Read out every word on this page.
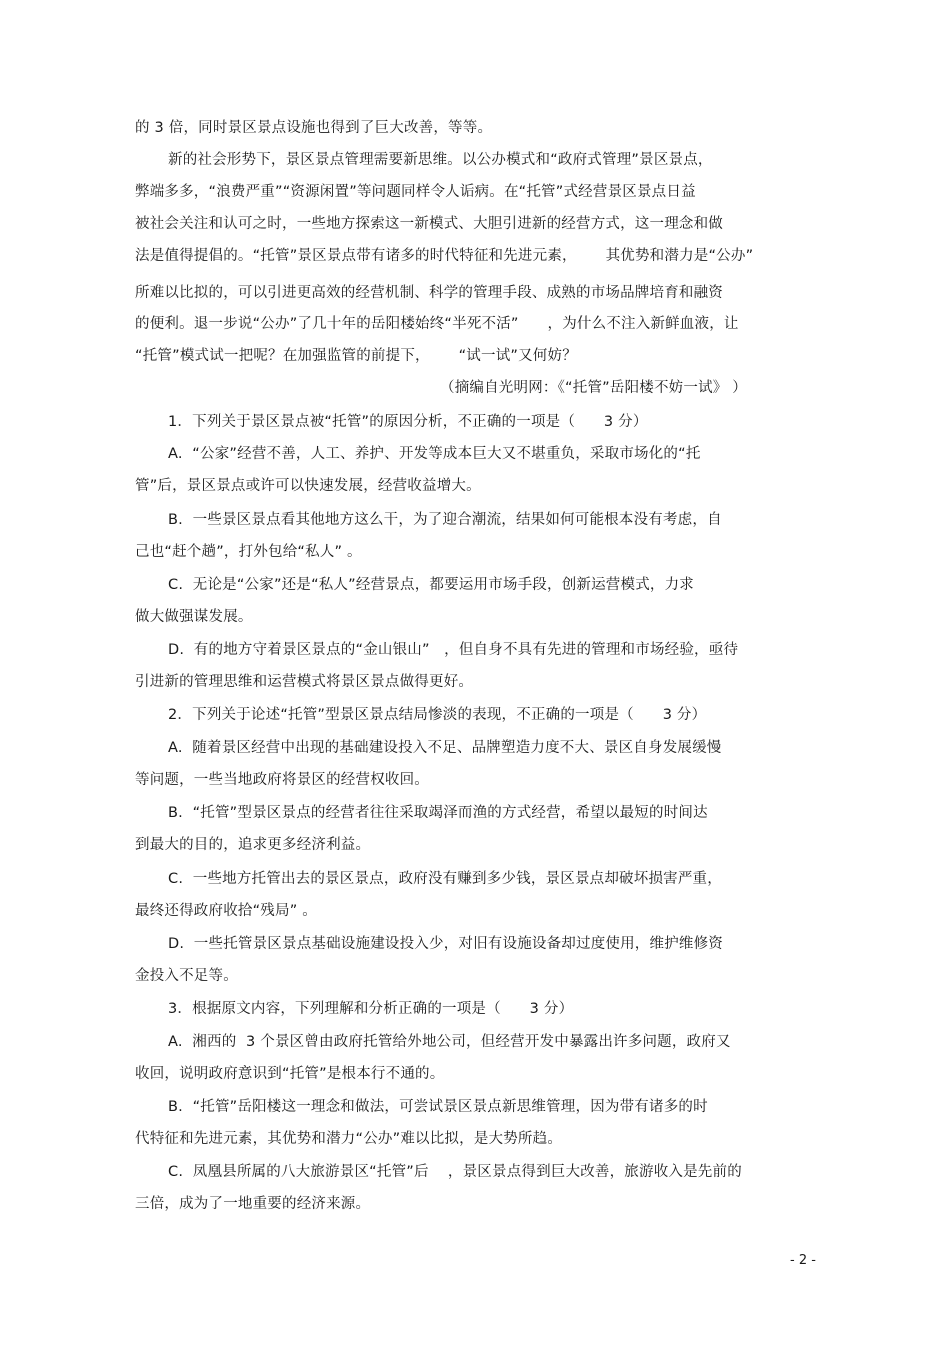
的 3 倍，同时景区景点设施也得到了巨大改善，等等。
新的社会形势下，景区景点管理需要新思维。以公办模式和“政府式管理”景区景点，
弊端多多，“浪费严重”“资源闲置”等问题同样令人诟病。在“托管”式经营景区景点日益
被社会关注和认可之时，一些地方探索这一新模式、大胆引进新的经营方式，这一理念和做
法是值得提倡的。“托管”景区景点带有诸多的时代特征和先进元素，      其优势和潜力是“公办”
所难以比拟的，可以引进更高效的经营机制、科学的管理手段、成熟的市场品牌培育和融资
的便利。退一步说“公办”了几十年的岳阳楼始终“半死不活”      ，为什么不注入新鲜血液，让
“托管”模式试一把呢？在加强监管的前提下，      “试一试”又何妨？
（摘编自光明网：《“托管”岳阳楼不妨一试》 ）
1．下列关于景区景点被“托管”的原因分析，不正确的一项是（      3 分）
A.  “公家”经营不善，人工、养护、开发等成本巨大又不堪重负，采取市场化的“托
管”后，景区景点或许可以快速发展，经营收益增大。
B.  一些景区景点看其他地方这么干，为了迎合潮流，结果如何可能根本没有考虑，自
己也“赶个趟”，打外包给“私人” 。
C.  无论是“公家”还是“私人”经营景点，都要运用市场手段，创新运营模式，力求
做大做强谋发展。
D.  有的地方守着景区景点的“金山银山”   ，但自身不具有先进的管理和市场经验，亟待
引进新的管理思维和运营模式将景区景点做得更好。
2．下列关于论述“托管”型景区景点结局惨淡的表现，不正确的一项是（      3 分）
A.  随着景区经营中出现的基础建设投入不足、品牌塑造力度不大、景区自身发展缓慢
等问题，一些当地政府将景区的经营权收回。
B.  “托管”型景区景点的经营者往往采取竭泽而渔的方式经营，希望以最短的时间达
到最大的目的，追求更多经济利益。
C.  一些地方托管出去的景区景点，政府没有赚到多少钱，景区景点却破坏损害严重，
最终还得政府收拾“残局” 。
D.  一些托管景区景点基础设施建设投入少，对旧有设施设备却过度使用，维护维修资
金投入不足等。
3．根据原文内容，下列理解和分析正确的一项是（      3 分）
A.  湘西的  3 个景区曾由政府托管给外地公司，但经营开发中暴露出许多问题，政府又
收回，说明政府意识到“托管”是根本行不通的。
B.  “托管”岳阳楼这一理念和做法，可尝试景区景点新思维管理，因为带有诸多的时
代特征和先进元素，其优势和潜力“公办”难以比拟，是大势所趋。
C.  凤凰县所属的八大旅游景区“托管”后    ，景区景点得到巨大改善，旅游收入是先前的
三倍，成为了一地重要的经济来源。
- 2 -
